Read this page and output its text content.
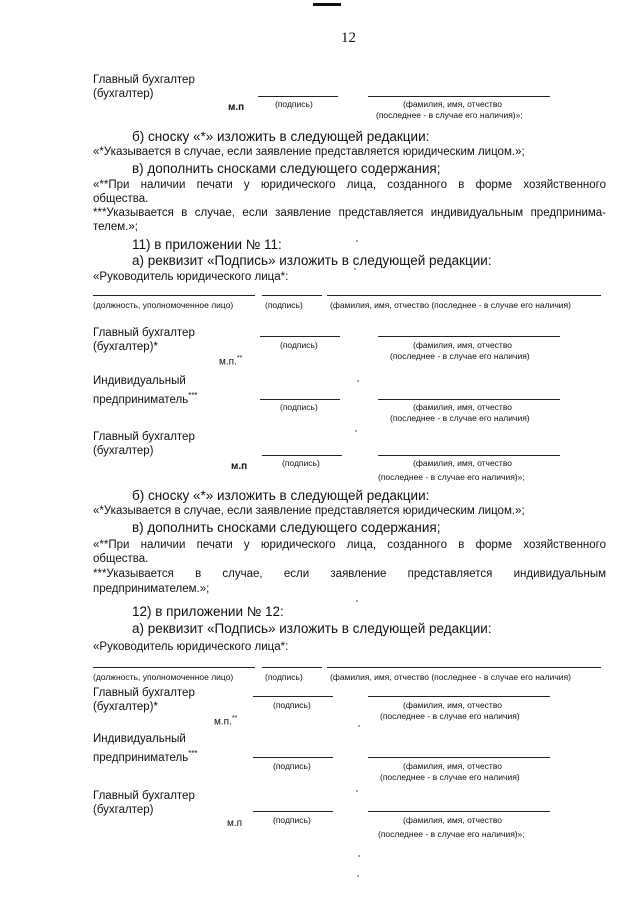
12
Главный бухгалтер
(бухгалтер)
м.п	(подпись)	(фамилия, имя, отчество
(последнее - в случае его наличия)»;
б) сноску «*» изложить в следующей редакции:
«*Указывается в случае, если заявление представляется юридическим лицом.»;
в) дополнить сносками следующего содержания;
«**При наличии печати у юридического лица, созданного в форме хозяйственного
общества.
***Указывается в случае, если заявление представляется индивидуальным предпринима-
телем.»;
11) в приложении № 11:
а) реквизит «Подпись» изложить в следующей редакции:
«Руководитель юридического лица*:
(должность, уполномоченное лицо)	(подпись)	(фамилия, имя, отчество (последнее - в случае его наличия)
Главный бухгалтер
(бухгалтер)*
м.п.**
(подпись)	(фамилия, имя, отчество
(последнее - в случае его наличия)
Индивидуальный
предприниматель***
(подпись)	(фамилия, имя, отчество
(последнее - в случае его наличия)
Главный бухгалтер
(бухгалтер)
м.п	(подпись)	(фамилия, имя, отчество
(последнее - в случае его наличия)»;
б) сноску «*» изложить в следующей редакции:
«*Указывается в случае, если заявление представляется юридическим лицом.»;
в) дополнить сносками следующего содержания;
«**При наличии печати у юридического лица, созданного в форме хозяйственного
общества.
***Указывается в случае, если заявление представляется индивидуальным
предпринимателем.»;
12) в приложении № 12:
а) реквизит «Подпись» изложить в следующей редакции:
«Руководитель юридического лица*:
(должность, уполномоченное лицо)	(подпись)	(фамилия, имя, отчество (последнее - в случае его наличия)
Главный бухгалтер
(бухгалтер)*
м.п.**
(подпись)	(фамилия, имя, отчество
(последнее - в случае его наличия)
Индивидуальный
предприниматель***
(подпись)	(фамилия, имя, отчество
(последнее - в случае его наличия)
Главный бухгалтер
(бухгалтер)
м.п	(подпись)	(фамилия, имя, отчество
(последнее - в случае его наличия)»;
